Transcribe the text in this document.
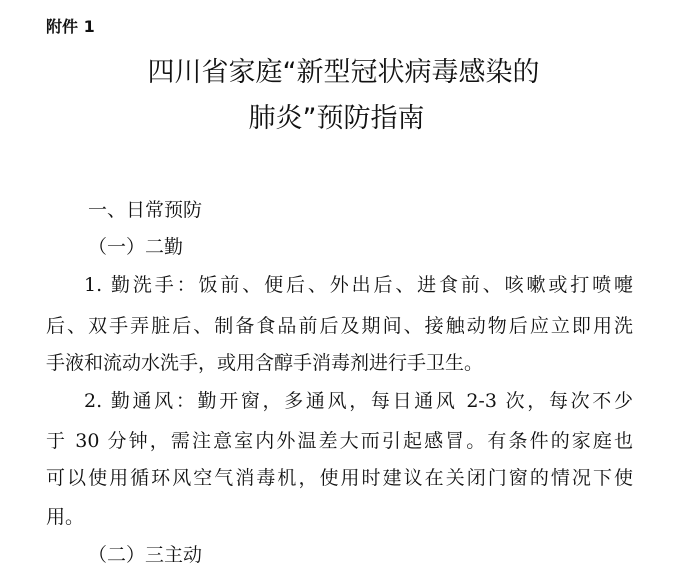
附件 1
四川省家庭“新型冠状病毒感染的
肺炎”预防指南
一、日常预防
（一）二勤
1. 勤洗手：饭前、便后、外出后、进食前、咳嗽或打喷嚏
后、双手弄脏后、制备食品前后及期间、接触动物后应立即用洗
手液和流动水洗手，或用含醇手消毒剂进行手卫生。
2. 勤通风：勤开窗，多通风，每日通风 2-3 次，每次不少
于 30 分钟，需注意室内外温差大而引起感冒。有条件的家庭也
可以使用循环风空气消毒机，使用时建议在关闭门窗的情况下使
用。
（二）三主动
